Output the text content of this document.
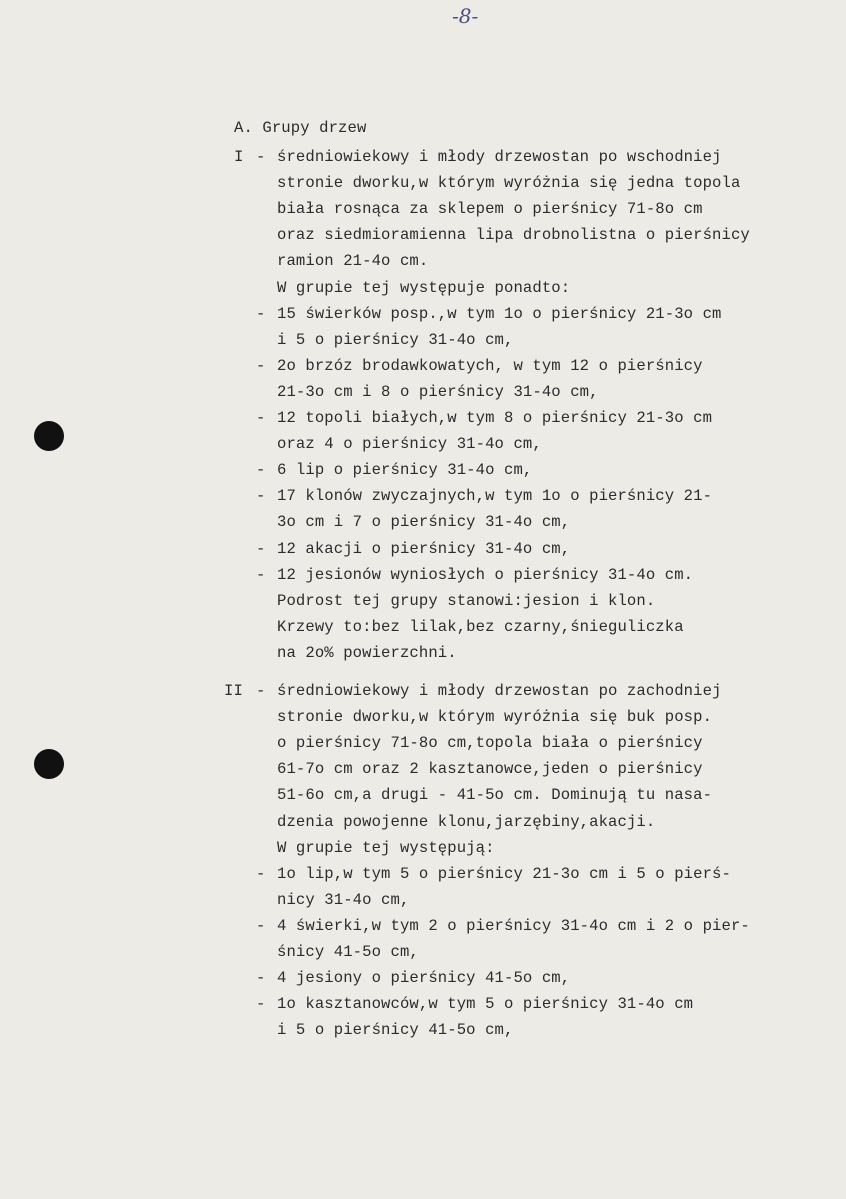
-8-
A. Grupy drzew
I - średniowiekowy i młody drzewostan po wschodniej
stronie dworku,w którym wyróżnia się jedna topola
biała rosnąca za sklepem o pierśnicy 71-8o cm
oraz siedmioramienna lipa drobnolistna o pierśnicy
ramion 21-4o cm.
W grupie tej występuje ponadto:
- 15 świerków posp.,w tym 1o o pierśnicy 21-3o cm
i 5 o pierśnicy 31-4o cm,
- 2o brzóz brodawkowatych, w tym 12 o pierśnicy
21-3o cm i 8 o pierśnicy 31-4o cm,
- 12 topoli białych,w tym 8 o pierśnicy 21-3o cm
oraz 4 o pierśnicy 31-4o cm,
- 6 lip o pierśnicy 31-4o cm,
- 17 klonów zwyczajnych,w tym 1o o pierśnicy 21-
3o cm i 7 o pierśnicy 31-4o cm,
- 12 akacji o pierśnicy 31-4o cm,
- 12 jesionów wyniosłych o pierśnicy 31-4o cm.
Podrost tej grupy stanowi:jesion i klon.
Krzewy to:bez lilak,bez czarny,śnieguliczka
na 2o% powierzchni.
II - średniowiekowy i młody drzewostan po zachodniej
stronie dworku,w którym wyróżnia się buk posp.
o pierśnicy 71-8o cm,topola biała o pierśnicy
61-7o cm oraz 2 kasztanowce,jeden o pierśnicy
51-6o cm,a drugi - 41-5o cm. Dominują tu nasa-
dzenia powojenne klonu,jarzębiny,akacji.
W grupie tej występują:
- 1o lip,w tym 5 o pierśnicy 21-3o cm i 5 o pierś-
nicy 31-4o cm,
- 4 świerki,w tym 2 o pierśnicy 31-4o cm i 2 o pier-
śnicy 41-5o cm,
- 4 jesiony o pierśnicy 41-5o cm,
- 1o kasztanowców,w tym 5 o pierśnicy 31-4o cm
i 5 o pierśnicy 41-5o cm,
